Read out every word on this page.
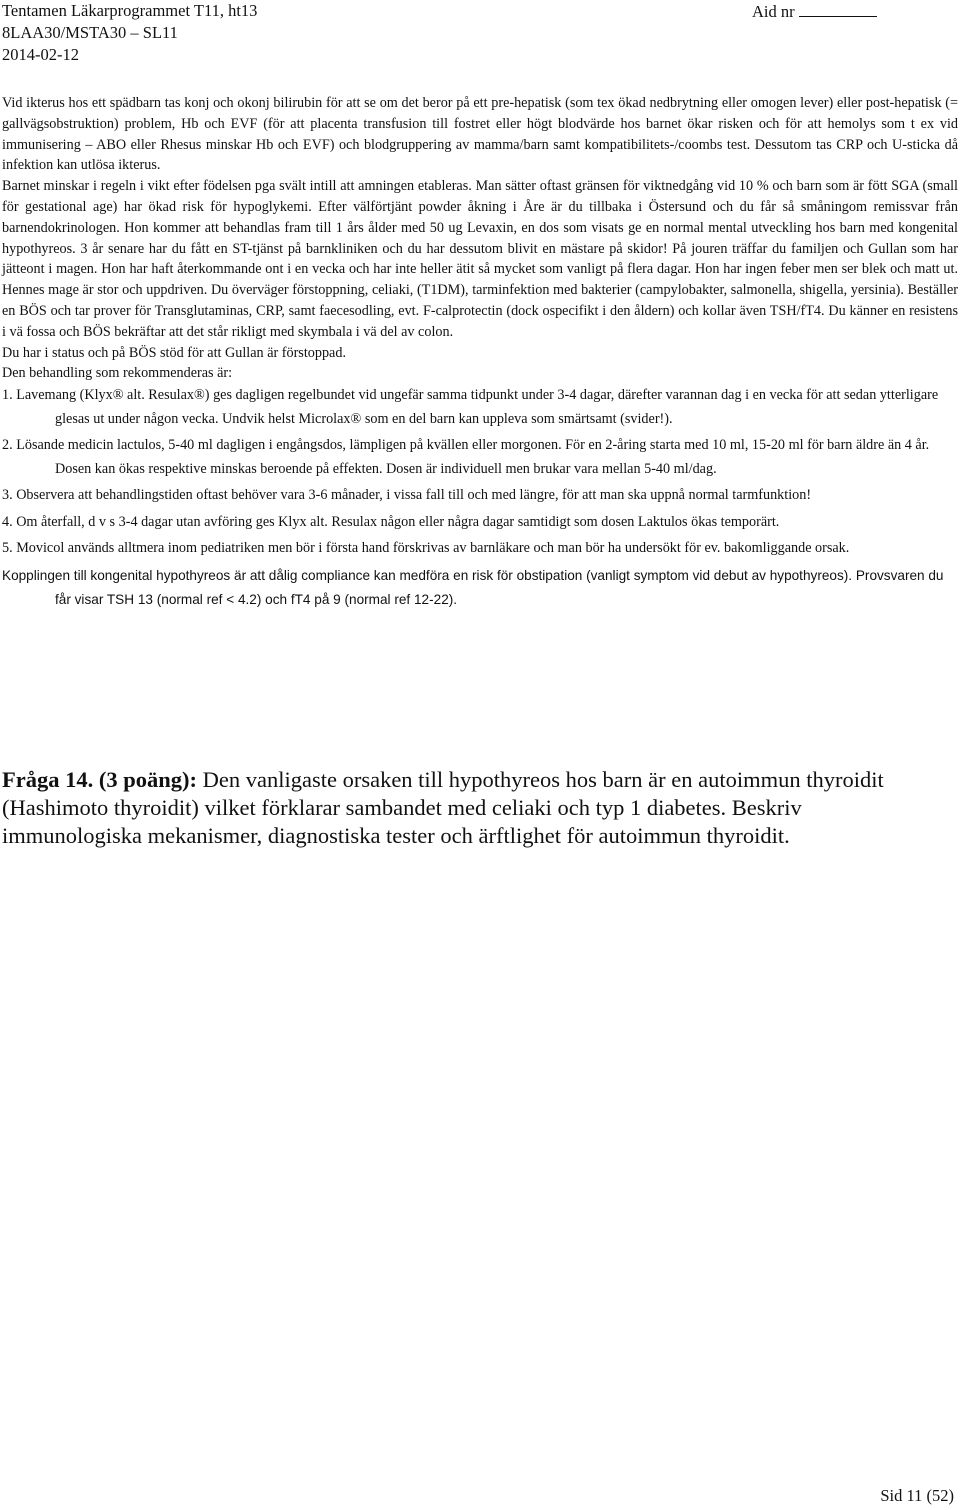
Tentamen Läkarprogrammet T11, ht13	Aid nr
8LAA30/MSTA30 – SL11
2014-02-12

Vid ikterus hos ett spädbarn tas konj och okonj bilirubin för att se om det beror på ett pre-hepatisk (som tex ökad nedbrytning eller omogen lever) eller post-hepatisk (= gallvägsobstruktion) problem, Hb och EVF (för att placenta transfusion till fostret eller högt blodvärde hos barnet ökar risken och för att hemolys som t ex vid immunisering – ABO eller Rhesus minskar Hb och EVF) och blodgruppering av mamma/barn samt kompatibilitets-/coombs test. Dessutom tas CRP och U-sticka då infektion kan utlösa ikterus.

Barnet minskar i regeln i vikt efter födelsen pga svält intill att amningen etableras. Man sätter oftast gränsen för viktnedgång vid 10 % och barn som är fött SGA (small för gestational age) har ökad risk för hypoglykemi. Efter välförtjänt powder åkning i Åre är du tillbaka i Östersund och du får så småningom remissvar från barnendokrinologen. Hon kommer att behandlas fram till 1 års ålder med 50 ug Levaxin, en dos som visats ge en normal mental utveckling hos barn med kongenital hypothyreos. 3 år senare har du fått en ST-tjänst på barnkliniken och du har dessutom blivit en mästare på skidor! På jouren träffar du familjen och Gullan som har jätteont i magen. Hon har haft återkommande ont i en vecka och har inte heller ätit så mycket som vanligt på flera dagar. Hon har ingen feber men ser blek och matt ut. Hennes mage är stor och uppdriven. Du överväger förstoppning, celiaki, (T1DM), tarminfektion med bakterier (campylobakter, salmonella, shigella, yersinia). Beställer en BÖS och tar prover för Transglutaminas, CRP, samt faecesodling, evt. F-calprotectin (dock ospecifikt i den åldern) och kollar även TSH/fT4. Du känner en resistens i vä fossa och BÖS bekräftar att det står rikligt med skymbala i vä del av colon.

Du har i status och på BÖS stöd för att Gullan är förstoppad.
Den behandling som rekommenderas är:
1. Lavemang (Klyx® alt. Resulax®) ges dagligen regelbundet vid ungefär samma tidpunkt under 3-4 dagar, därefter varannan dag i en vecka för att sedan ytterligare glesas ut under någon vecka. Undvik helst Microlax® som en del barn kan uppleva som smärtsamt (svider!).
2. Lösande medicin lactulos, 5-40 ml dagligen i engångsdos, lämpligen på kvällen eller morgonen. För en 2-åring starta med 10 ml, 15-20 ml för barn äldre än 4 år. Dosen kan ökas respektive minskas beroende på effekten. Dosen är individuell men brukar vara mellan 5-40 ml/dag.
3. Observera att behandlingstiden oftast behöver vara 3-6 månader, i vissa fall till och med längre, för att man ska uppnå normal tarmfunktion!
4. Om återfall, d v s 3-4 dagar utan avföring ges Klyx alt. Resulax någon eller några dagar samtidigt som dosen Laktulos ökas temporärt.
5. Movicol används alltmera inom pediatriken men bör i första hand förskrivas av barnläkare och man bör ha undersökt för ev. bakomliggande orsak.
Kopplingen till kongenital hypothyreos är att dålig compliance kan medföra en risk för obstipation (vanligt symptom vid debut av hypothyreos). Provsvaren du får visar TSH 13 (normal ref < 4.2) och fT4 på 9 (normal ref 12-22).
Fråga 14. (3 poäng): Den vanligaste orsaken till hypothyreos hos barn är en autoimmun thyroidit (Hashimoto thyroidit) vilket förklarar sambandet med celiaki och typ 1 diabetes. Beskriv immunologiska mekanismer, diagnostiska tester och ärftlighet för autoimmun thyroidit.
Sid 11 (52)
